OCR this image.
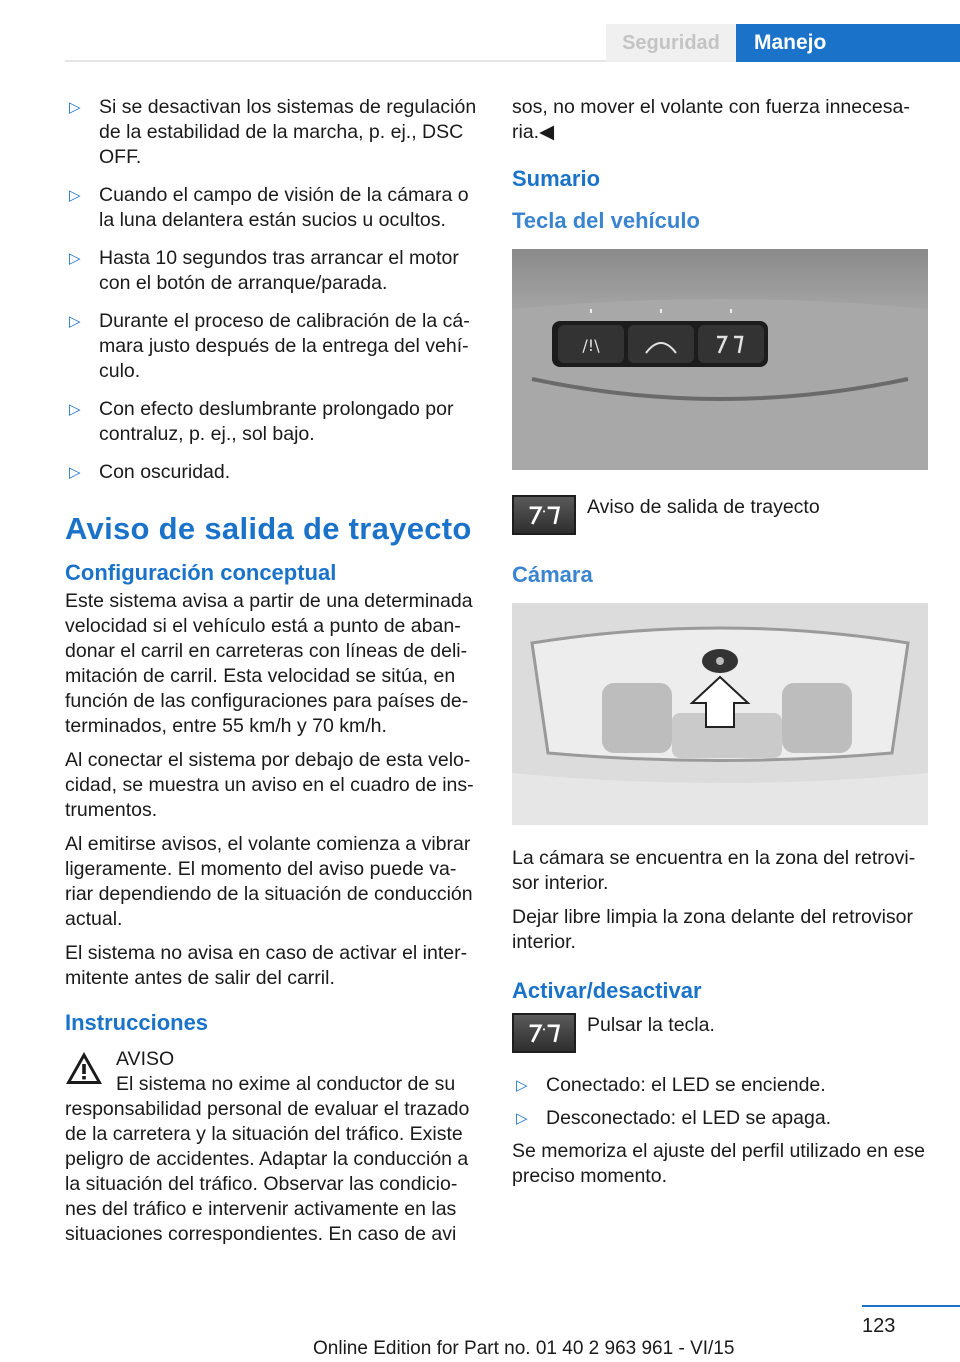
Seguridad	Manejo
▷ Si se desactivan los sistemas de regulación de la estabilidad de la marcha, p. ej., DSC OFF.
▷ Cuando el campo de visión de la cámara o la luna delantera están sucios u ocultos.
▷ Hasta 10 segundos tras arrancar el motor con el botón de arranque/parada.
▷ Durante el proceso de calibración de la cámara justo después de la entrega del vehículo.
▷ Con efecto deslumbrante prolongado por contraluz, p. ej., sol bajo.
▷ Con oscuridad.
Aviso de salida de trayecto
Configuración conceptual

Este sistema avisa a partir de una determinada velocidad si el vehículo está a punto de abandonar el carril en carreteras con líneas de delimitación de carril. Esta velocidad se sitúa, en función de las configuraciones para países determinados, entre 55 km/h y 70 km/h.

Al conectar el sistema por debajo de esta velocidad, se muestra un aviso en el cuadro de instrumentos.

Al emitirse avisos, el volante comienza a vibrar ligeramente. El momento del aviso puede variar dependiendo de la situación de conducción actual.

El sistema no avisa en caso de activar el intermitente antes de salir del carril.

Instrucciones
AVISO
El sistema no exime al conductor de su
responsabilidad personal de evaluar el trazado de la carretera y la situación del tráfico. Existe peligro de accidentes. Adaptar la conducción a la situación del tráfico. Observar las condiciones del tráfico e intervenir activamente en las situaciones correspondientes. En caso de avi

sos, no mover el volante con fuerza innecesaria.◀

Sumario
Tecla del vehículo
/!\
Aviso de salida de trayecto
Cámara

La cámara se encuentra en la zona del retrovisor interior.

Dejar libre limpia la zona delante del retrovisor interior.

Activar/desactivar
Pulsar la tecla.
▷ Conectado: el LED se enciende.
▷ Desconectado: el LED se apaga.

Se memoriza el ajuste del perfil utilizado en ese preciso momento.

123
Online Edition for Part no. 01 40 2 963 961 - VI/15
